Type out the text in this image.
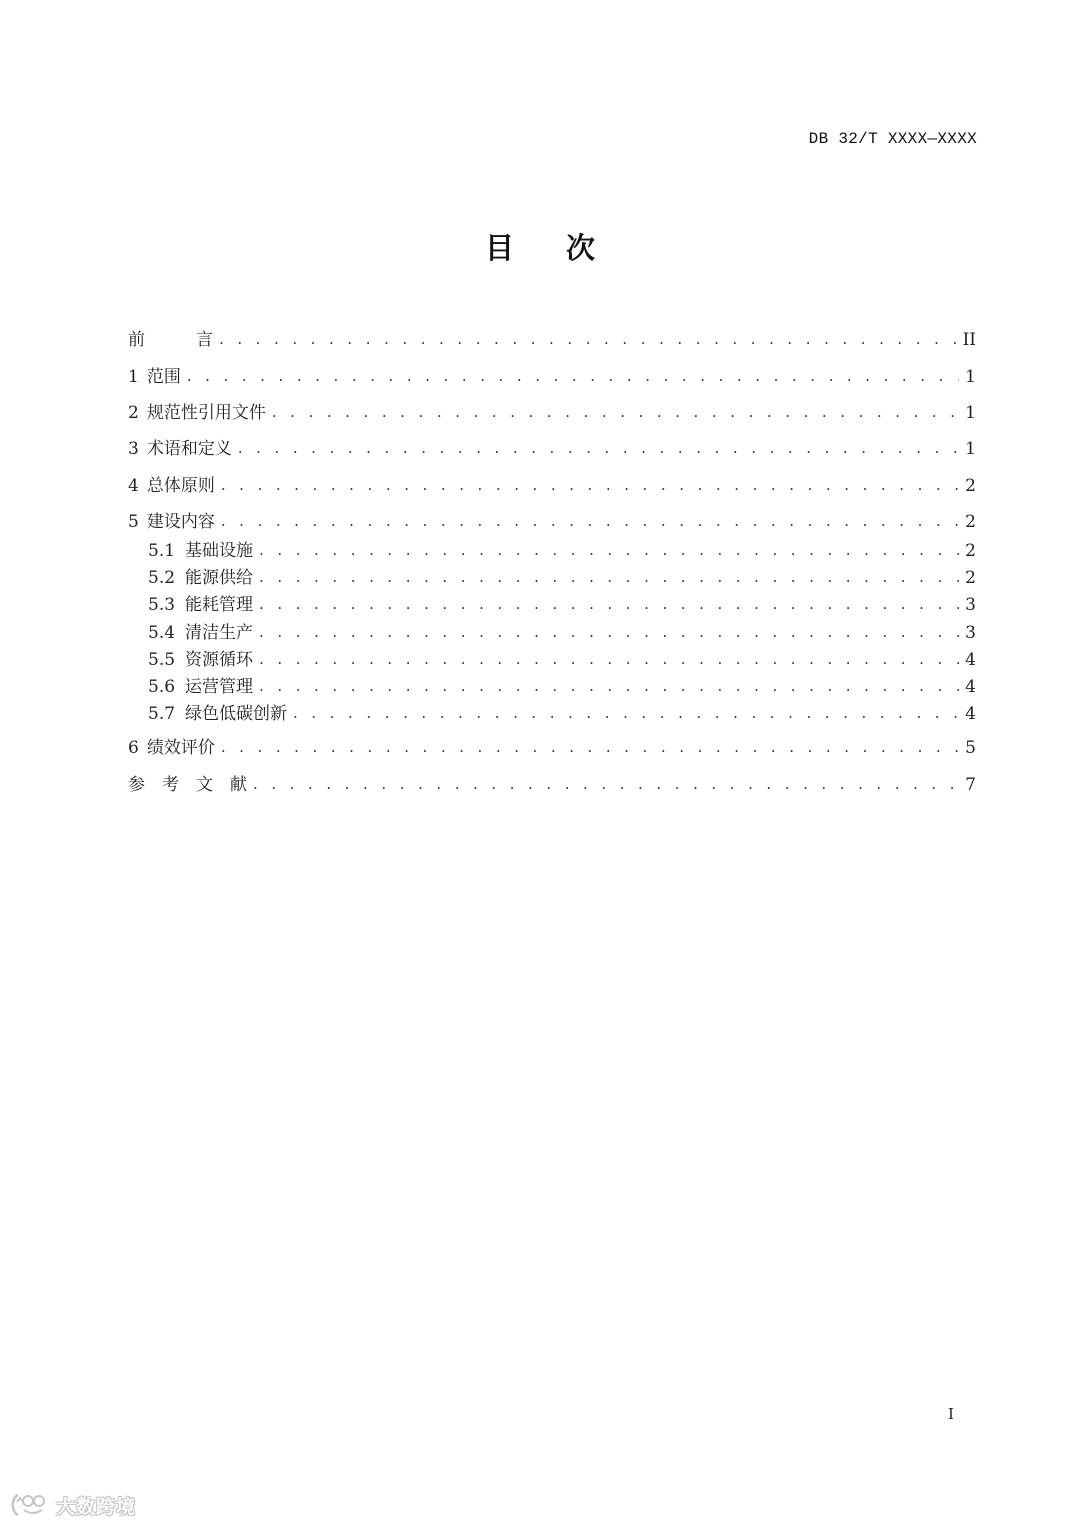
DB 32/T XXXX—XXXX
目 次
前　　　言 . . .	II
1 范围 . . .	1
2 规范性引用文件 . . .	1
3 术语和定义 . . .	1
4 总体原则 . . .	2
5 建设内容 . . .	2
5.1 基础设施 . . .	2
5.2 能源供给 . . .	2
5.3 能耗管理 . . .	3
5.4 清洁生产 . . .	3
5.5 资源循环 . . .	4
5.6 运营管理 . . .	4
5.7 绿色低碳创新 . . .	4
6 绩效评价 . . .	5
参　考　文　献 . . .	7
I
大数跨境
